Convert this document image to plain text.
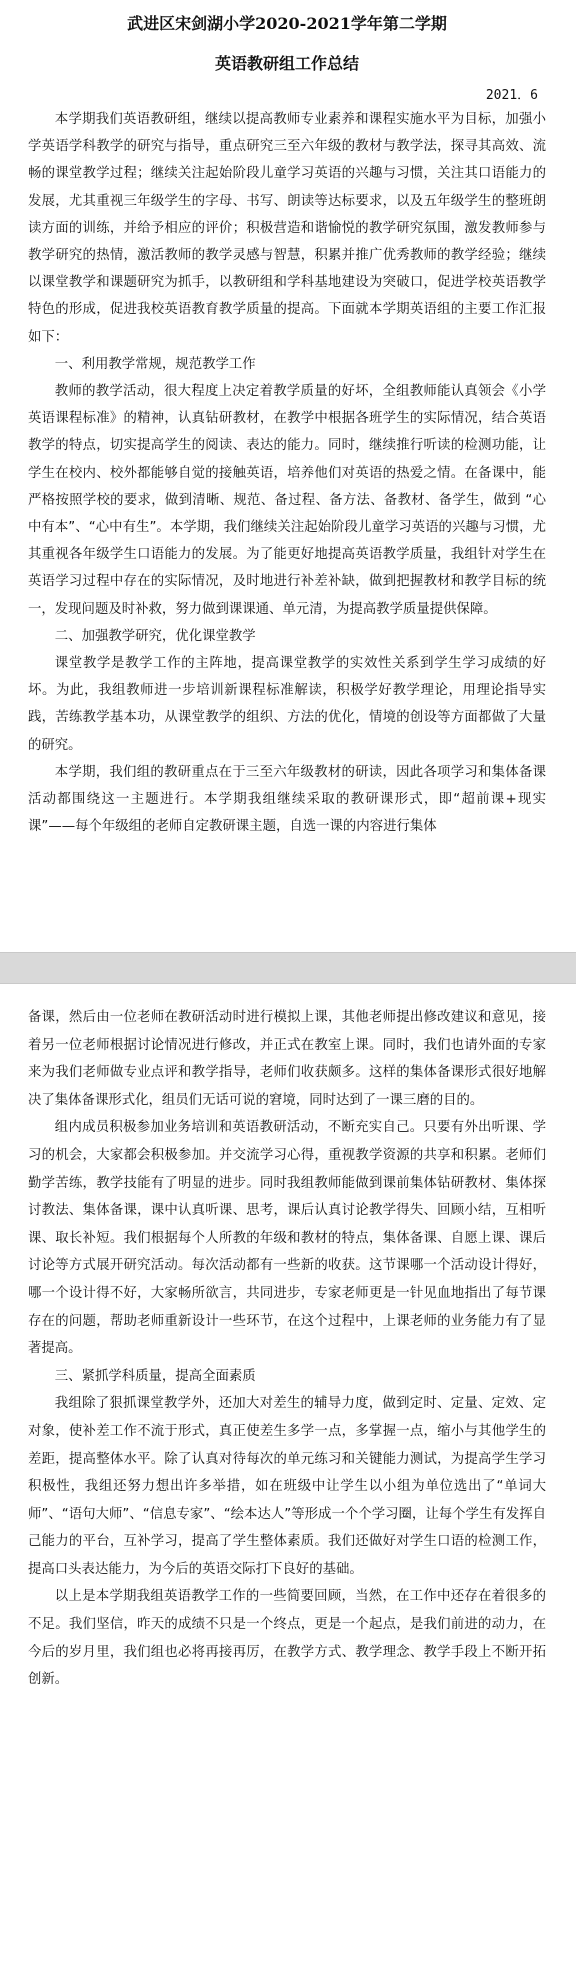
武进区宋剑湖小学2020-2021学年第二学期
英语教研组工作总结
2021．6

本学期我们英语教研组，继续以提高教师专业素养和课程实施水平为目标，加强小学英语学科教学的研究与指导，重点研究三至六年级的教材与教学法，探寻其高效、流畅的课堂教学过程；继续关注起始阶段儿童学习英语的兴趣与习惯，关注其口语能力的发展，尤其重视三年级学生的字母、书写、朗读等达标要求，以及五年级学生的整班朗读方面的训练，并给予相应的评价；积极营造和谐愉悦的教学研究氛围，激发教师参与教学研究的热情，激活教师的教学灵感与智慧，积累并推广优秀教师的教学经验；继续以课堂教学和课题研究为抓手，以教研组和学科基地建设为突破口，促进学校英语教学特色的形成，促进我校英语教育教学质量的提高。下面就本学期英语组的主要工作汇报如下：

一、利用教学常规，规范教学工作

教师的教学活动，很大程度上决定着教学质量的好坏，全组教师能认真领会《小学英语课程标准》的精神，认真钻研教材，在教学中根据各班学生的实际情况，结合英语教学的特点，切实提高学生的阅读、表达的能力。同时，继续推行听读的检测功能，让学生在校内、校外都能够自觉的接触英语，培养他们对英语的热爱之情。在备课中，能严格按照学校的要求，做到清晰、规范、备过程、备方法、备教材、备学生，做到 “心中有本”、“心中有生”。本学期，我们继续关注起始阶段儿童学习英语的兴趣与习惯，尤其重视各年级学生口语能力的发展。为了能更好地提高英语教学质量，我组针对学生在英语学习过程中存在的实际情况，及时地进行补差补缺，做到把握教材和教学目标的统一，发现问题及时补救，努力做到课课通、单元清，为提高教学质量提供保障。

二、加强教学研究，优化课堂教学

课堂教学是教学工作的主阵地，提高课堂教学的实效性关系到学生学习成绩的好坏。为此，我组教师进一步培训新课程标准解读，积极学好教学理论，用理论指导实践，苦练教学基本功，从课堂教学的组织、方法的优化，情境的创设等方面都做了大量的研究。

本学期，我们组的教研重点在于三至六年级教材的研读，因此各项学习和集体备课活动都围绕这一主题进行。本学期我组继续采取的教研课形式，即“超前课+现实课”——每个年级组的老师自定教研课主题，自选一课的内容进行集体

备课，然后由一位老师在教研活动时进行模拟上课，其他老师提出修改建议和意见，接着另一位老师根据讨论情况进行修改，并正式在教室上课。同时，我们也请外面的专家来为我们老师做专业点评和教学指导，老师们收获颇多。这样的集体备课形式很好地解决了集体备课形式化，组员们无话可说的窘境，同时达到了一课三磨的目的。

组内成员积极参加业务培训和英语教研活动，不断充实自己。只要有外出听课、学习的机会，大家都会积极参加。并交流学习心得，重视教学资源的共享和积累。老师们勤学苦练，教学技能有了明显的进步。同时我组教师能做到课前集体钻研教材、集体探讨教法、集体备课，课中认真听课、思考，课后认真讨论教学得失、回顾小结，互相听课、取长补短。我们根据每个人所教的年级和教材的特点，集体备课、自愿上课、课后讨论等方式展开研究活动。每次活动都有一些新的收获。这节课哪一个活动设计得好，哪一个设计得不好，大家畅所欲言，共同进步，专家老师更是一针见血地指出了每节课存在的问题，帮助老师重新设计一些环节，在这个过程中，上课老师的业务能力有了显著提高。

三、紧抓学科质量，提高全面素质

我组除了狠抓课堂教学外，还加大对差生的辅导力度，做到定时、定量、定效、定对象，使补差工作不流于形式，真正使差生多学一点，多掌握一点，缩小与其他学生的差距，提高整体水平。除了认真对待每次的单元练习和关键能力测试，为提高学生学习积极性，我组还努力想出许多举措，如在班级中让学生以小组为单位选出了“单词大师”、“语句大师”、“信息专家”、“绘本达人”等形成一个个学习圈，让每个学生有发挥自己能力的平台，互补学习，提高了学生整体素质。我们还做好对学生口语的检测工作，提高口头表达能力，为今后的英语交际打下良好的基础。

以上是本学期我组英语教学工作的一些简要回顾，当然，在工作中还存在着很多的不足。我们坚信，昨天的成绩不只是一个终点，更是一个起点，是我们前进的动力，在今后的岁月里，我们组也必将再接再厉，在教学方式、教学理念、教学手段上不断开拓创新。
